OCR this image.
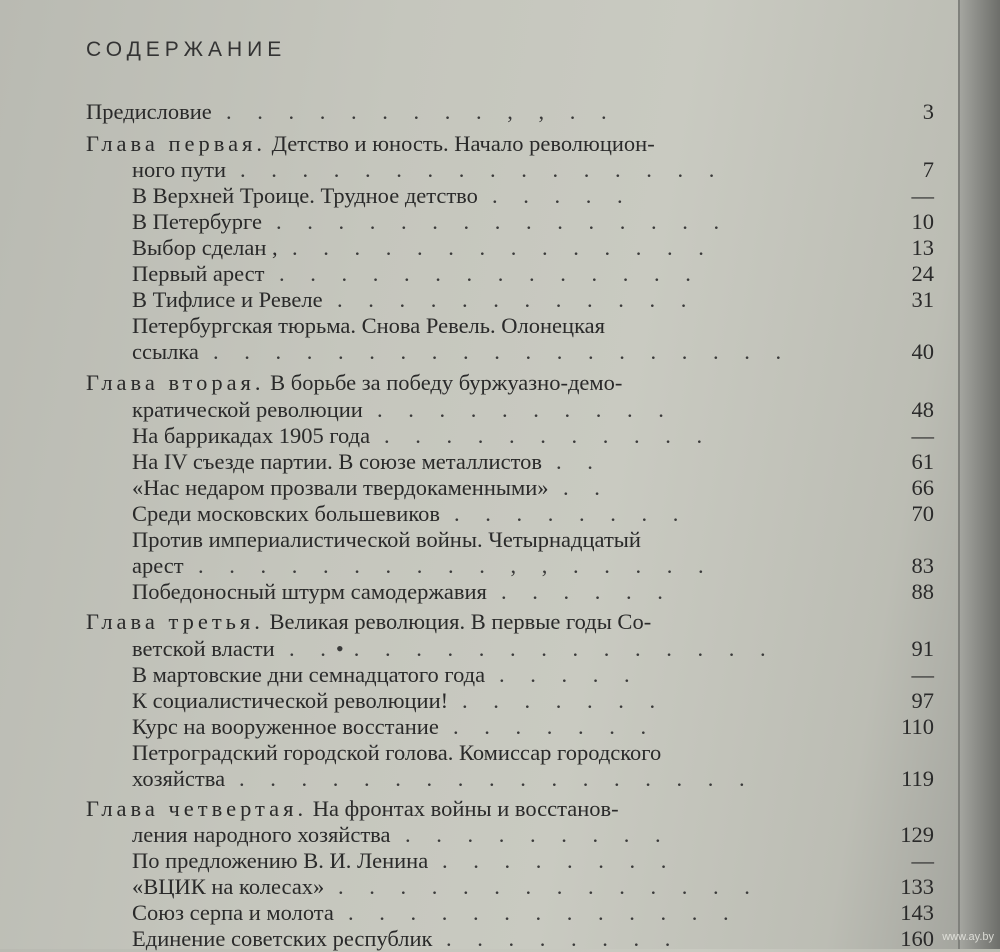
СОДЕРЖАНИЕ
Предисловие	3
. . . . . . . . . , , . .
Глава первая. Детство и юность. Начало революцион-
ного пути	7
. . . . . . . . . . . . . . . .
В Верхней Троице. Трудное детство	—
. . . . .
В Петербурге	10
. . . . . . . . . . . . . . .
Выбор сделан ,	13
. . . . . . . . . . . . . .
Первый арест	24
. . . . . . . . . . . . . .
В Тифлисе и Ревеле	31
. . . . . . . . . . . .
Петербургская тюрьма. Снова Ревель. Олонецкая
ссылка	40
. . . . . . . . . . . . . . . . . . .
Глава вторая. В борьбе за победу буржуазно-демо-
кратической революции	48
. . . . . . . . . .
На баррикадах 1905 года	—
. . . . . . . . . . .
На IV съезде партии. В союзе металлистов	61
. .
«Нас недаром прозвали твердокаменными»	66
. .
Среди московских большевиков	70
. . . . . . . .
Против империалистической войны. Четырнадцатый
арест	83
. . . . . . . . . . , , . . . . .
Победоносный штурм самодержавия	88
. . . . . .
Глава третья. Великая революция. В первые годы Со-
ветской власти	91
. .•. . . . . . . . . . . . . .
В мартовские дни семнадцатого года	—
. . . . .
К социалистической революции!	97
. . . . . . .
Курс на вооруженное восстание	110
. . . . . . .
Петроградский городской голова. Комиссар городского
хозяйства	119
. . . . . . . . . . . . . . . . .
Глава четвертая. На фронтах войны и восстанов-
ления народного хозяйства	129
. . . . . . . . .
По предложению В. И. Ленина	—
. . . . . . . .
«ВЦИК на колесах»	133
. . . . . . . . . . . . . .
Союз серпа и молота	143
. . . . . . . . . . . . .
Единение советских республик	160
. . . . . . . .	www.ay.by
